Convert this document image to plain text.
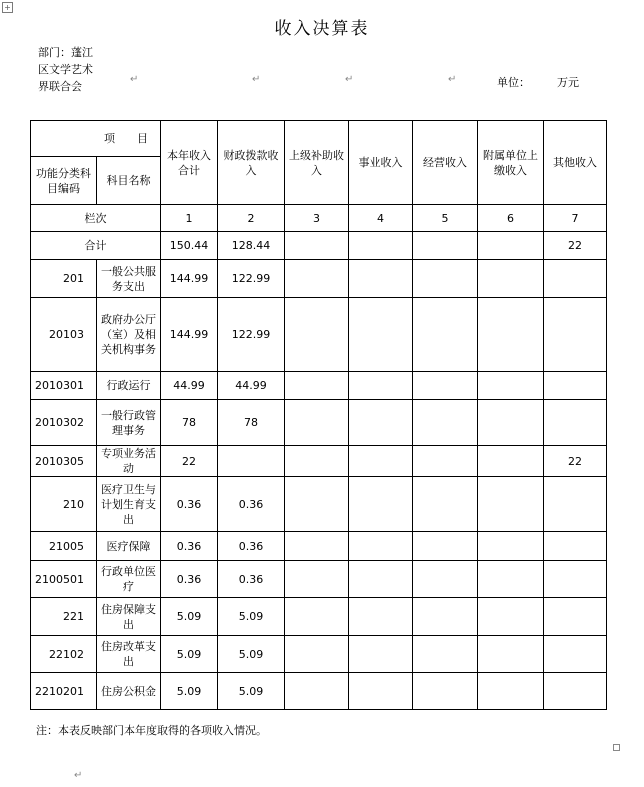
+
收入决算表
部门：蓬江区文学艺术界联合会
↵	↵	↵	↵	单位： 万元
项　　目		本年收入合计	财政拨款收入	上级补助收入	事业收入	经营收入	附属单位上缴收入	其他收入
功能分类科目编码	科目名称							
栏次		1	2	3	4	5	6	7
合计		150.44	128.44					22
201	一般公共服务支出	144.99	122.99					
20103	政府办公厅（室）及相关机构事务	144.99	122.99					
2010301	行政运行	44.99	44.99					
2010302	一般行政管理事务	78	78					
2010305	专项业务活动	22						22
210	医疗卫生与计划生育支出	0.36	0.36					
21005	医疗保障	0.36	0.36					
2100501	行政单位医疗	0.36	0.36					
221	住房保障支出	5.09	5.09					
22102	住房改革支出	5.09	5.09					
2210201	住房公积金	5.09	5.09					
注：本表反映部门本年度取得的各项收入情况。
↵
